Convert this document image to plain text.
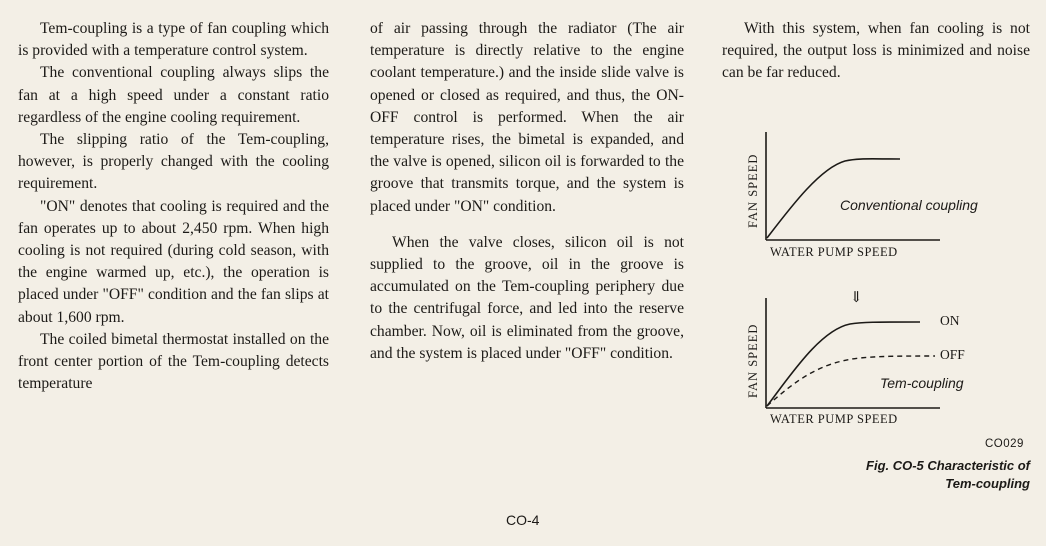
Tem-coupling is a type of fan coupling which is provided with a temperature control system.

The conventional coupling always slips the fan at a high speed under a constant ratio regardless of the engine cooling requirement.

The slipping ratio of the Tem-coupling, however, is properly changed with the cooling requirement.

"ON" denotes that cooling is required and the fan operates up to about 2,450 rpm. When high cooling is not required (during cold season, with the engine warmed up, etc.), the operation is placed under "OFF" condition and the fan slips at about 1,600 rpm.

The coiled bimetal thermostat installed on the front center portion of the Tem-coupling detects temperature

of air passing through the radiator (The air temperature is directly relative to the engine coolant temperature.) and the inside slide valve is opened or closed as required, and thus, the ON-OFF control is performed. When the air temperature rises, the bimetal is expanded, and the valve is opened, silicon oil is forwarded to the groove that transmits torque, and the system is placed under "ON" condition.

When the valve closes, silicon oil is not supplied to the groove, oil in the groove is accumulated on the Tem-coupling periphery due to the centrifugal force, and led into the reserve chamber. Now, oil is eliminated from the groove, and the system is placed under "OFF" condition.

With this system, when fan cooling is not required, the output loss is minimized and noise can be far reduced.

FAN SPEED	Conventional coupling
WATER PUMP SPEED
⇓
FAN SPEED
ON
OFF
Tem-coupling
WATER PUMP SPEED
CO029
Fig. CO-5 Characteristic of
Tem-coupling
CO-4
